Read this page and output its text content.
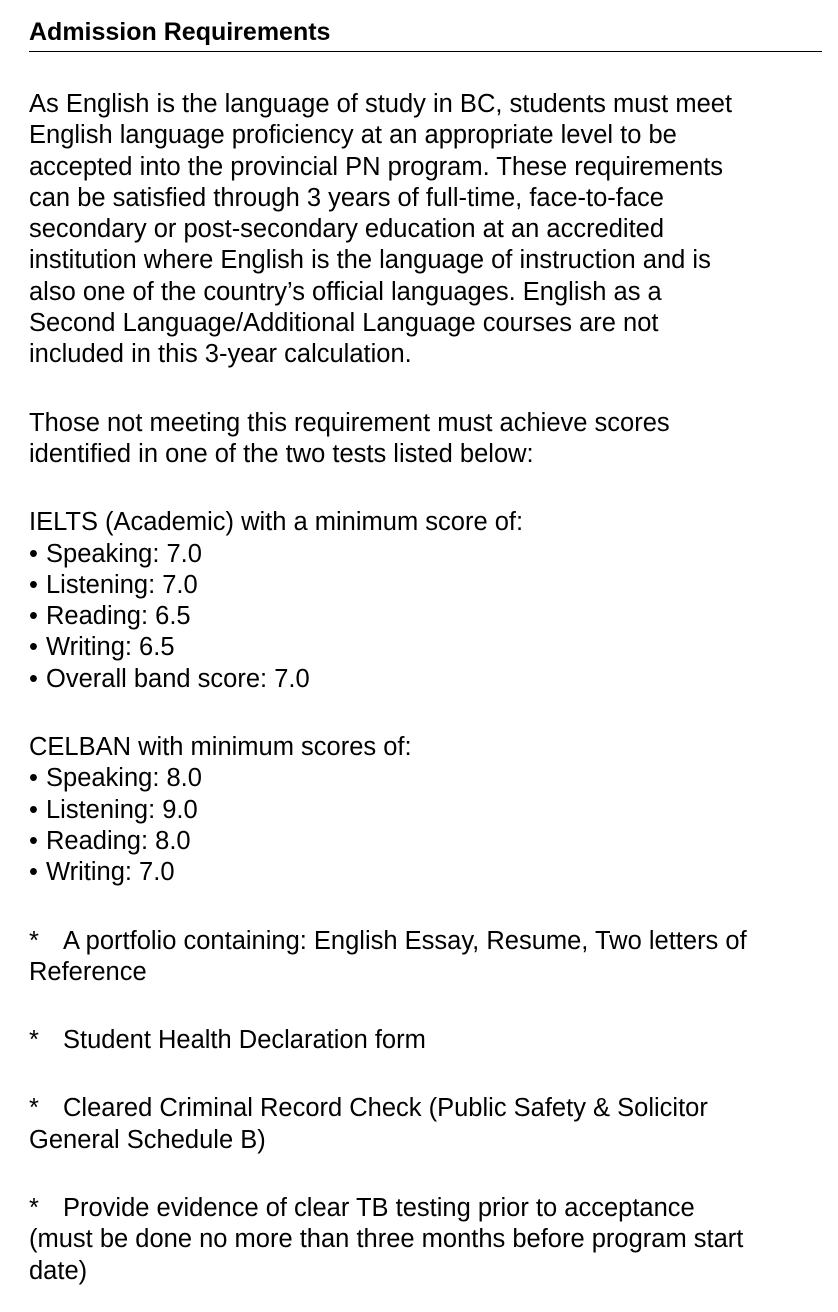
Admission Requirements
As English is the language of study in BC, students must meet
English language proficiency at an appropriate level to be
accepted into the provincial PN program. These requirements
can be satisfied through 3 years of full-time, face-to-face
secondary or post-secondary education at an accredited
institution where English is the language of instruction and is
also one of the country’s official languages. English as a
Second Language/Additional Language courses are not
included in this 3-year calculation.
Those not meeting this requirement must achieve scores
identified in one of the two tests listed below:
IELTS (Academic) with a minimum score of:
• Speaking: 7.0
• Listening: 7.0
• Reading: 6.5
• Writing: 6.5
• Overall band score: 7.0
CELBAN with minimum scores of:
• Speaking: 8.0
• Listening: 9.0
• Reading: 8.0
• Writing: 7.0
* A portfolio containing: English Essay, Resume, Two letters of
Reference
* Student Health Declaration form
* Cleared Criminal Record Check (Public Safety & Solicitor
General Schedule B)
* Provide evidence of clear TB testing prior to acceptance
(must be done no more than three months before program start
date)
